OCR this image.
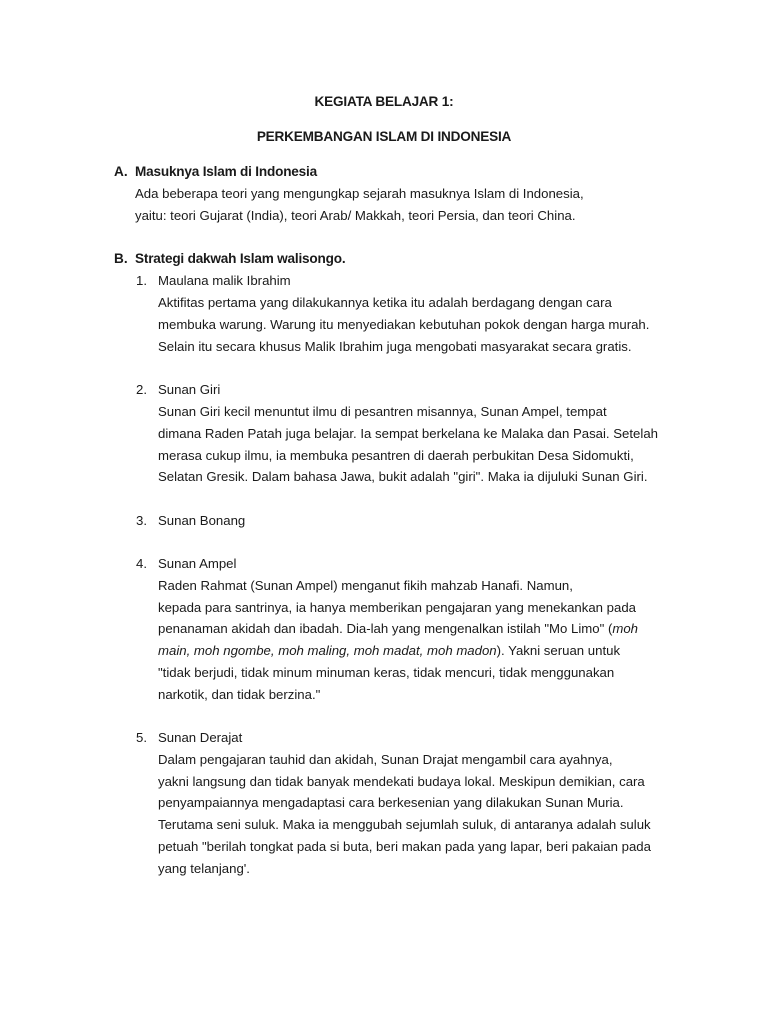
KEGIATA BELAJAR 1:
PERKEMBANGAN ISLAM DI INDONESIA
A. Masuknya Islam di Indonesia
Ada beberapa teori yang mengungkap sejarah masuknya Islam di Indonesia,
yaitu: teori Gujarat (India), teori Arab/ Makkah, teori Persia, dan teori China.
B. Strategi dakwah Islam walisongo.
1. Maulana malik Ibrahim
Aktifitas pertama yang dilakukannya ketika itu adalah berdagang dengan cara
membuka warung. Warung itu menyediakan kebutuhan pokok dengan harga murah.
Selain itu secara khusus Malik Ibrahim juga mengobati masyarakat secara gratis.
2. Sunan Giri
Sunan Giri kecil menuntut ilmu di pesantren misannya, Sunan Ampel, tempat
dimana Raden Patah juga belajar. Ia sempat berkelana ke Malaka dan Pasai. Setelah
merasa cukup ilmu, ia membuka pesantren di daerah perbukitan Desa Sidomukti,
Selatan Gresik. Dalam bahasa Jawa, bukit adalah "giri". Maka ia dijuluki Sunan Giri.
3. Sunan Bonang
4. Sunan Ampel
Raden Rahmat (Sunan Ampel) menganut fikih mahzab Hanafi. Namun,
kepada para santrinya, ia hanya memberikan pengajaran yang menekankan pada
penanaman akidah dan ibadah. Dia-lah yang mengenalkan istilah "Mo Limo" (moh
main, moh ngombe, moh maling, moh madat, moh madon). Yakni seruan untuk
"tidak berjudi, tidak minum minuman keras, tidak mencuri, tidak menggunakan
narkotik, dan tidak berzina."
5. Sunan Derajat
Dalam pengajaran tauhid dan akidah, Sunan Drajat mengambil cara ayahnya,
yakni langsung dan tidak banyak mendekati budaya lokal. Meskipun demikian, cara
penyampaiannya mengadaptasi cara berkesenian yang dilakukan Sunan Muria.
Terutama seni suluk. Maka ia menggubah sejumlah suluk, di antaranya adalah suluk
petuah "berilah tongkat pada si buta, beri makan pada yang lapar, beri pakaian pada
yang telanjang'.
